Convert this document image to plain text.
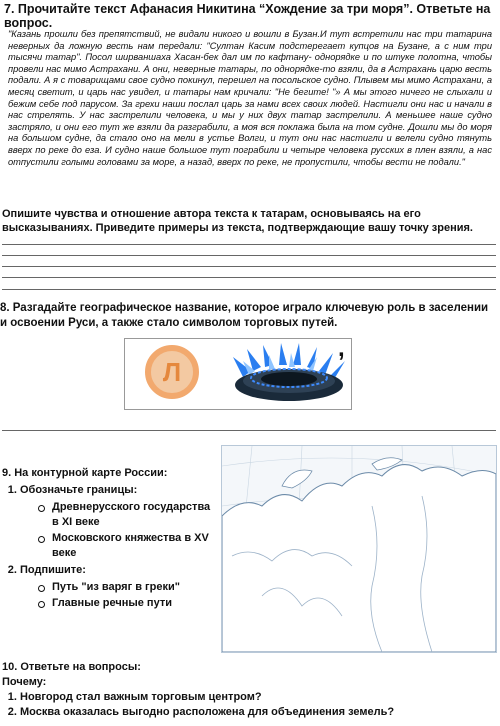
7. Прочитайте текст Афанасия Никитина “Хождение за три моря”. Ответьте на вопрос.
"Казань прошли без препятствий, не видали никого и вошли в Бузан.И тут встретили нас три татарина неверных да ложную весть нам передали: "Султан Касим подстерегает купцов на Бузане, а с ним три тысячи татар". Посол ширваншаха Хасан-бек дал им по кафтану- однорядке и по штуке полотна, чтобы провели нас мимо Астрахани. А они, неверные татары, по однорядке-то взяли, да в Астрахань царю весть подали. А я с товарищами свое судно покинул, перешел на посольское судно. Плывем мы мимо Астрахани, а месяц светит, и царь нас увидел, и татары нам кричали: "Не бегите! "» А мы этого ничего не слыхали и бежим себе под парусом. За грехи наши послал царь за нами всех своих людей. Настигли они нас и начали в нас стрелять. У нас застрелили человека, и мы у них двух татар застрелили. А меньшее наше судно застряло, и они его тут же взяли да разграбили, а моя вся поклажа была на том судне. Дошли мы до моря на большом судне, да стало оно на мели в устье Волги, и тут они нас настигли и велели судно тянуть вверх по реке до еза. И судно наше большое тут пограбили и четыре человека русских в плен взяли, а нас отпустили голыми головами за море, а назад, вверх по реке, не пропустили, чтобы вести не подали."
Опишите чувства и отношение автора текста к татарам, основываясь на его высказываниях. Приведите примеры из текста, подтверждающие вашу точку зрения.
8. Разгадайте географическое название, которое играло ключевую роль в заселении и освоении Руси, а также стало символом торговых путей.
Л
,
9. На контурной карте России:
1. Обозначьте границы:
Древнерусского государства в XI веке
Московского княжества в XV веке
2. Подпишите:
Путь "из варяг в греки"
Главные речные пути
10. Ответьте на вопросы:
Почему:
1. Новгород стал важным торговым центром?
2. Москва оказалась выгодно расположена для объединения земель?
